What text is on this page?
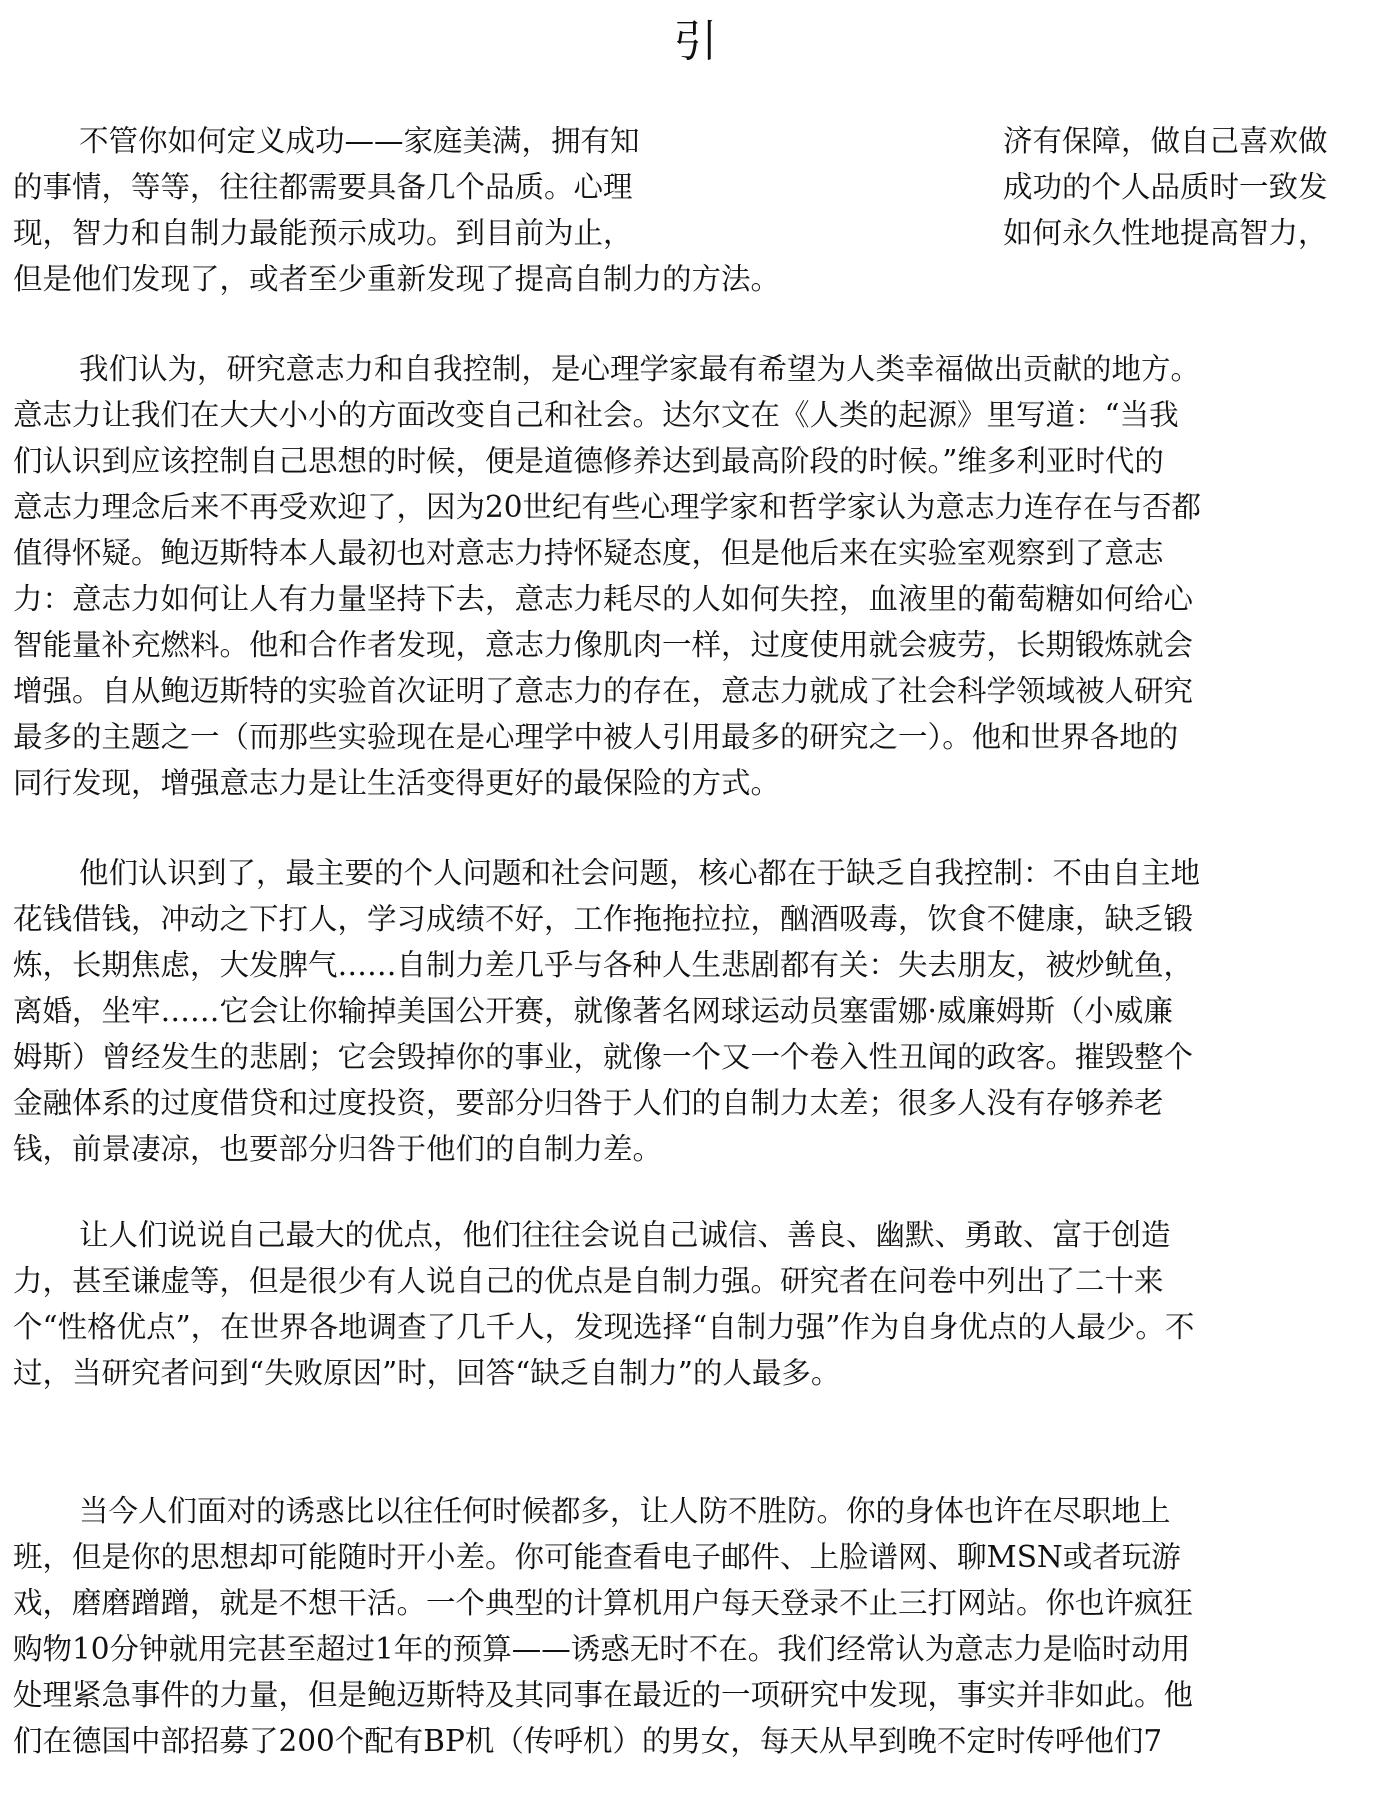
引
不管你如何定义成功——家庭美满，拥有知	济有保障，做自己喜欢做
的事情，等等，往往都需要具备几个品质。心理	成功的个人品质时一致发
现，智力和自制力最能预示成功。到目前为止，	如何永久性地提高智力，
但是他们发现了，或者至少重新发现了提高自制力的方法。
我们认为，研究意志力和自我控制，是心理学家最有希望为人类幸福做出贡献的地方。
意志力让我们在大大小小的方面改变自己和社会。达尔文在《人类的起源》里写道：“当我
们认识到应该控制自己思想的时候，便是道德修养达到最高阶段的时候。”维多利亚时代的
意志力理念后来不再受欢迎了，因为20世纪有些心理学家和哲学家认为意志力连存在与否都
值得怀疑。鲍迈斯特本人最初也对意志力持怀疑态度，但是他后来在实验室观察到了意志
力：意志力如何让人有力量坚持下去，意志力耗尽的人如何失控，血液里的葡萄糖如何给心
智能量补充燃料。他和合作者发现，意志力像肌肉一样，过度使用就会疲劳，长期锻炼就会
增强。自从鲍迈斯特的实验首次证明了意志力的存在，意志力就成了社会科学领域被人研究
最多的主题之一（而那些实验现在是心理学中被人引用最多的研究之一）。他和世界各地的
同行发现，增强意志力是让生活变得更好的最保险的方式。
他们认识到了，最主要的个人问题和社会问题，核心都在于缺乏自我控制：不由自主地
花钱借钱，冲动之下打人，学习成绩不好，工作拖拖拉拉，酗酒吸毒，饮食不健康，缺乏锻
炼，长期焦虑，大发脾气……自制力差几乎与各种人生悲剧都有关：失去朋友，被炒鱿鱼，
离婚，坐牢……它会让你输掉美国公开赛，就像著名网球运动员塞雷娜·威廉姆斯（小威廉
姆斯）曾经发生的悲剧；它会毁掉你的事业，就像一个又一个卷入性丑闻的政客。摧毁整个
金融体系的过度借贷和过度投资，要部分归咎于人们的自制力太差；很多人没有存够养老
钱，前景凄凉，也要部分归咎于他们的自制力差。
让人们说说自己最大的优点，他们往往会说自己诚信、善良、幽默、勇敢、富于创造
力，甚至谦虚等，但是很少有人说自己的优点是自制力强。研究者在问卷中列出了二十来
个“性格优点”，在世界各地调查了几千人，发现选择“自制力强”作为自身优点的人最少。不
过，当研究者问到“失败原因”时，回答“缺乏自制力”的人最多。
当今人们面对的诱惑比以往任何时候都多，让人防不胜防。你的身体也许在尽职地上
班，但是你的思想却可能随时开小差。你可能查看电子邮件、上脸谱网、聊MSN或者玩游
戏，磨磨蹭蹭，就是不想干活。一个典型的计算机用户每天登录不止三打网站。你也许疯狂
购物10分钟就用完甚至超过1年的预算——诱惑无时不在。我们经常认为意志力是临时动用
处理紧急事件的力量，但是鲍迈斯特及其同事在最近的一项研究中发现，事实并非如此。他
们在德国中部招募了200个配有BP机（传呼机）的男女，每天从早到晚不定时传呼他们7
